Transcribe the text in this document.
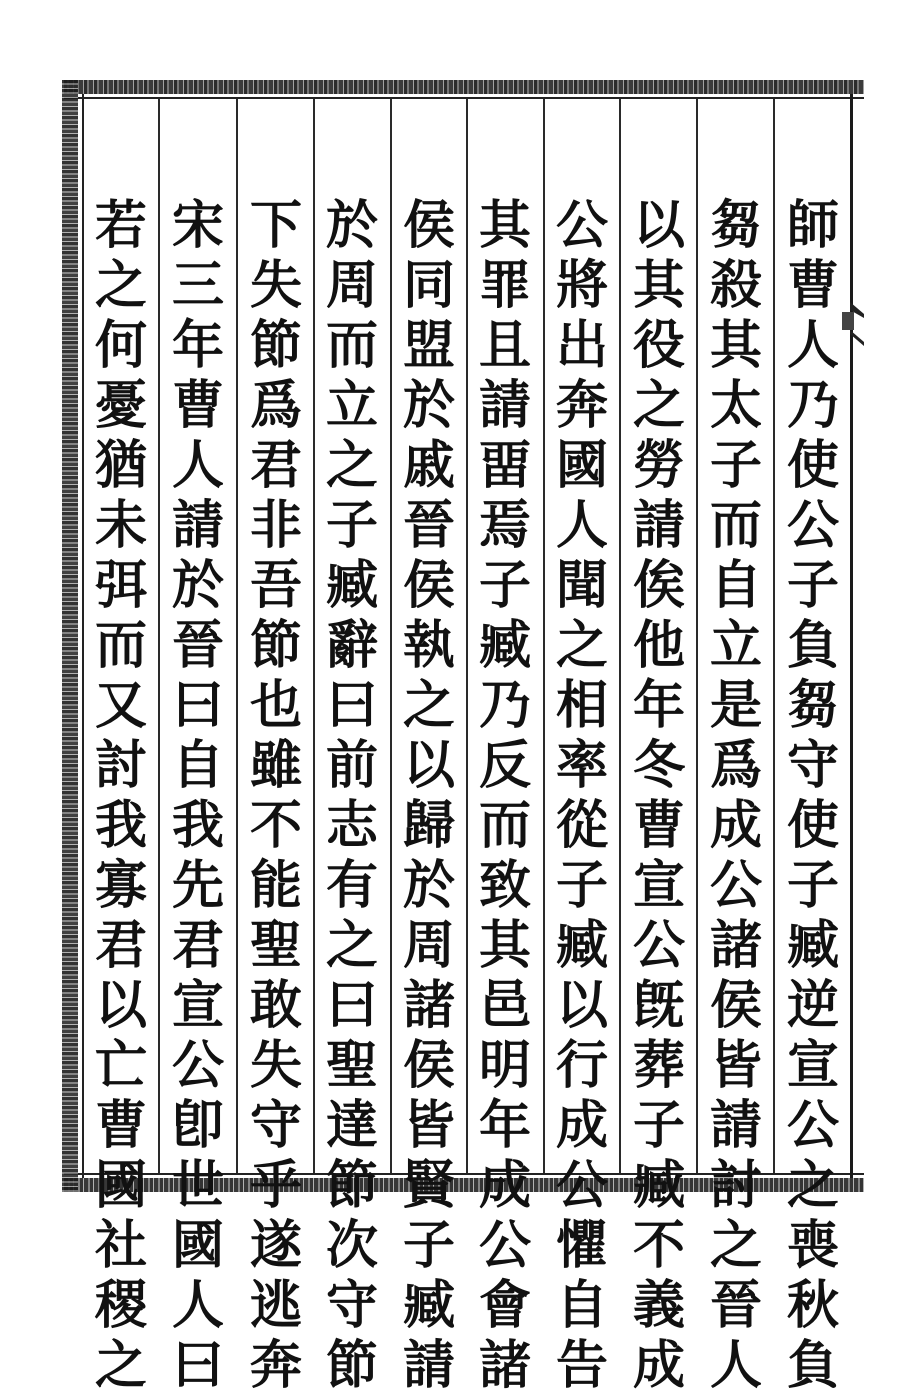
師
曹
人
乃
使
公
子
負
芻
守
使
子
臧
逆
宣
公
之
喪
秋
負
芻
殺
其
太
子
而
自
立
是
爲
成
公
諸
侯
皆
請
討
之
晉
人
以
其
役
之
勞
請
俟
他
年
冬
曹
宣
公
旣
葬
子
臧
不
義
成
公
將
出
奔
國
人
聞
之
相
率
從
子
臧
以
行
成
公
懼
自
告
其
罪
且
請
畱
焉
子
臧
乃
反
而
致
其
邑
明
年
成
公
會
諸
侯
同
盟
於
戚
晉
侯
執
之
以
歸
於
周
諸
侯
皆
賢
子
臧
請
於
周
而
立
之
子
臧
辭
曰
前
志
有
之
曰
聖
達
節
次
守
節
下
失
節
爲
君
非
吾
節
也
雖
不
能
聖
敢
失
守
乎
遂
逃
奔
宋
三
年
曹
人
請
於
晉
曰
自
我
先
君
宣
公
卽
世
國
人
曰
若
之
何
憂
猶
未
弭
而
又
討
我
寡
君
以
亡
曹
國
社
稷
之
